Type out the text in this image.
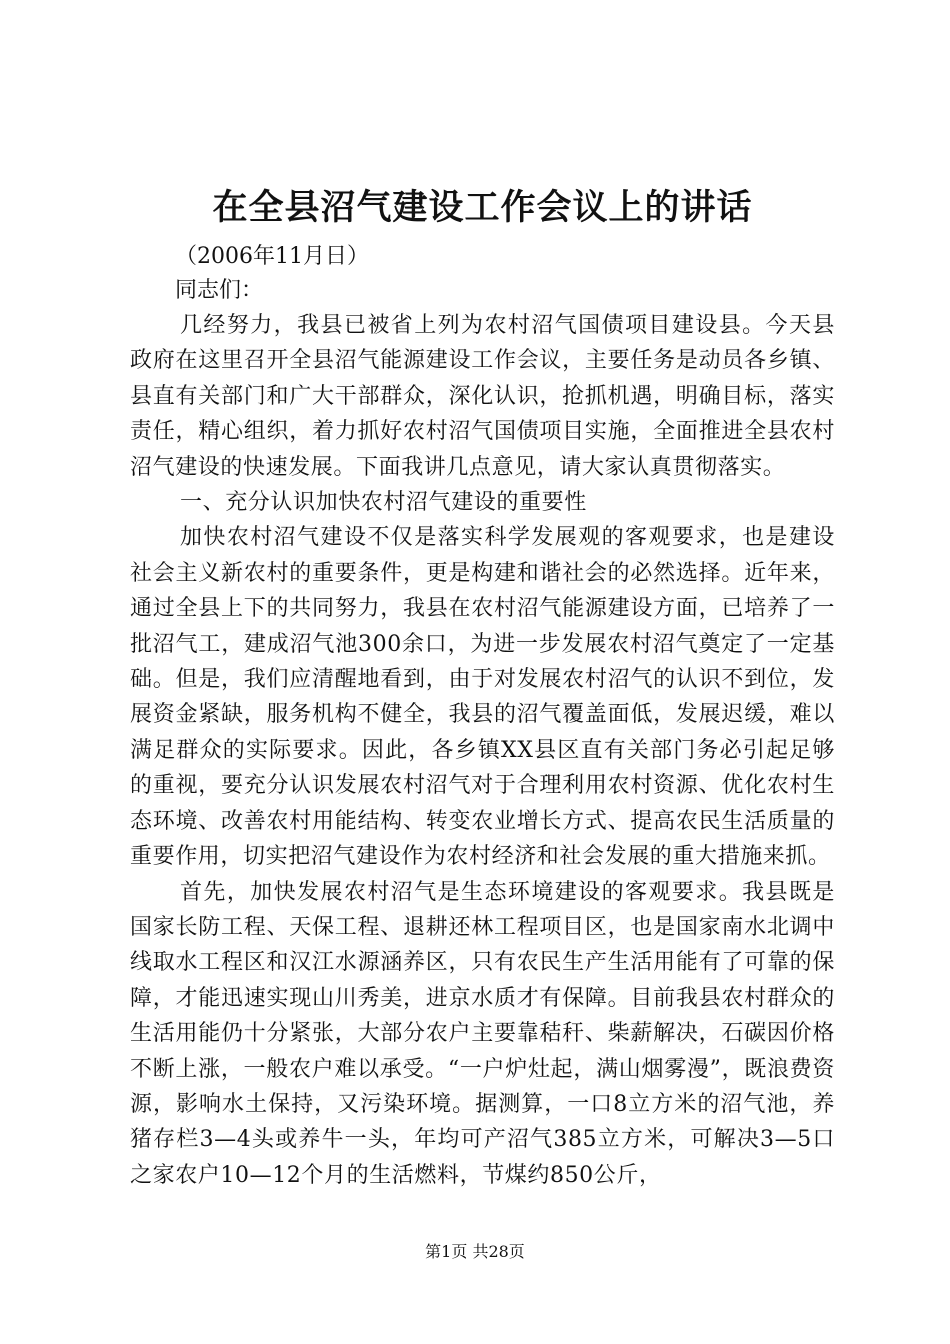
在全县沼气建设工作会议上的讲话
（2006年11月日）
同志们：

几经努力，我县已被省上列为农村沼气国债项目建设县。今天县政府在这里召开全县沼气能源建设工作会议，主要任务是动员各乡镇、县直有关部门和广大干部群众，深化认识，抢抓机遇，明确目标，落实责任，精心组织，着力抓好农村沼气国债项目实施，全面推进全县农村沼气建设的快速发展。下面我讲几点意见，请大家认真贯彻落实。

一、充分认识加快农村沼气建设的重要性

加快农村沼气建设不仅是落实科学发展观的客观要求，也是建设社会主义新农村的重要条件，更是构建和谐社会的必然选择。近年来，通过全县上下的共同努力，我县在农村沼气能源建设方面，已培养了一批沼气工，建成沼气池300余口，为进一步发展农村沼气奠定了一定基础。但是，我们应清醒地看到，由于对发展农村沼气的认识不到位，发展资金紧缺，服务机构不健全，我县的沼气覆盖面低，发展迟缓，难以满足群众的实际要求。因此，各乡镇XX县区直有关部门务必引起足够的重视，要充分认识发展农村沼气对于合理利用农村资源、优化农村生态环境、改善农村用能结构、转变农业增长方式、提高农民生活质量的重要作用，切实把沼气建设作为农村经济和社会发展的重大措施来抓。

首先，加快发展农村沼气是生态环境建设的客观要求。我县既是国家长防工程、天保工程、退耕还林工程项目区，也是国家南水北调中线取水工程区和汉江水源涵养区，只有农民生产生活用能有了可靠的保障，才能迅速实现山川秀美，进京水质才有保障。目前我县农村群众的生活用能仍十分紧张，大部分农户主要靠秸秆、柴薪解决，石碳因价格不断上涨，一般农户难以承受。“一户炉灶起，满山烟雾漫”，既浪费资源，影响水土保持，又污染环境。据测算，一口8立方米的沼气池，养猪存栏3—4头或养牛一头，年均可产沼气385立方米，可解决3—5口之家农户10—12个月的生活燃料，节煤约850公斤，

第1页 共28页
